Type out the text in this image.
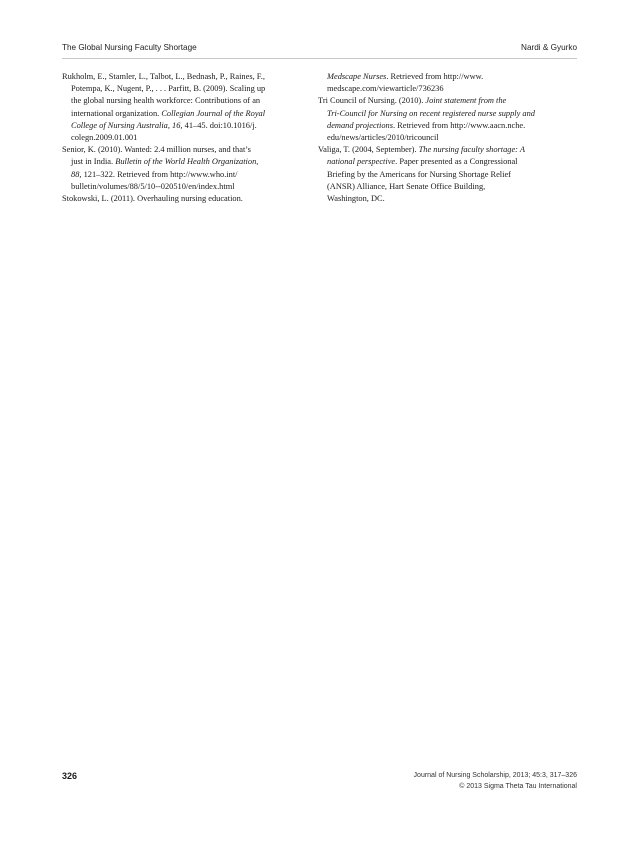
The Global Nursing Faculty Shortage	Nardi & Gyurko

Rukholm, E., Stamler, L., Talbot, L., Bednash, P., Raines, F.,
Potempa, K., Nugent, P., . . . Parfitt, B. (2009). Scaling up
the global nursing health workforce: Contributions of an
international organization. Collegian Journal of the Royal
College of Nursing Australia, 16, 41–45. doi:10.1016/j.
colegn.2009.01.001

Senior, K. (2010). Wanted: 2.4 million nurses, and that’s
just in India. Bulletin of the World Health Organization,
88, 121–322. Retrieved from http://www.who.int/
bulletin/volumes/88/5/10--020510/en/index.html

Stokowski, L. (2011). Overhauling nursing education.

Medscape Nurses. Retrieved from http://www.
medscape.com/viewarticle/736236

Tri Council of Nursing. (2010). Joint statement from the
Tri-Council for Nursing on recent registered nurse supply and
demand projections. Retrieved from http://www.aacn.nche.
edu/news/articles/2010/tricouncil

Valiga, T. (2004, September). The nursing faculty shortage: A
national perspective. Paper presented as a Congressional
Briefing by the Americans for Nursing Shortage Relief
(ANSR) Alliance, Hart Senate Office Building,
Washington, DC.

326	Journal of Nursing Scholarship, 2013; 45:3, 317–326
© 2013 Sigma Theta Tau International
